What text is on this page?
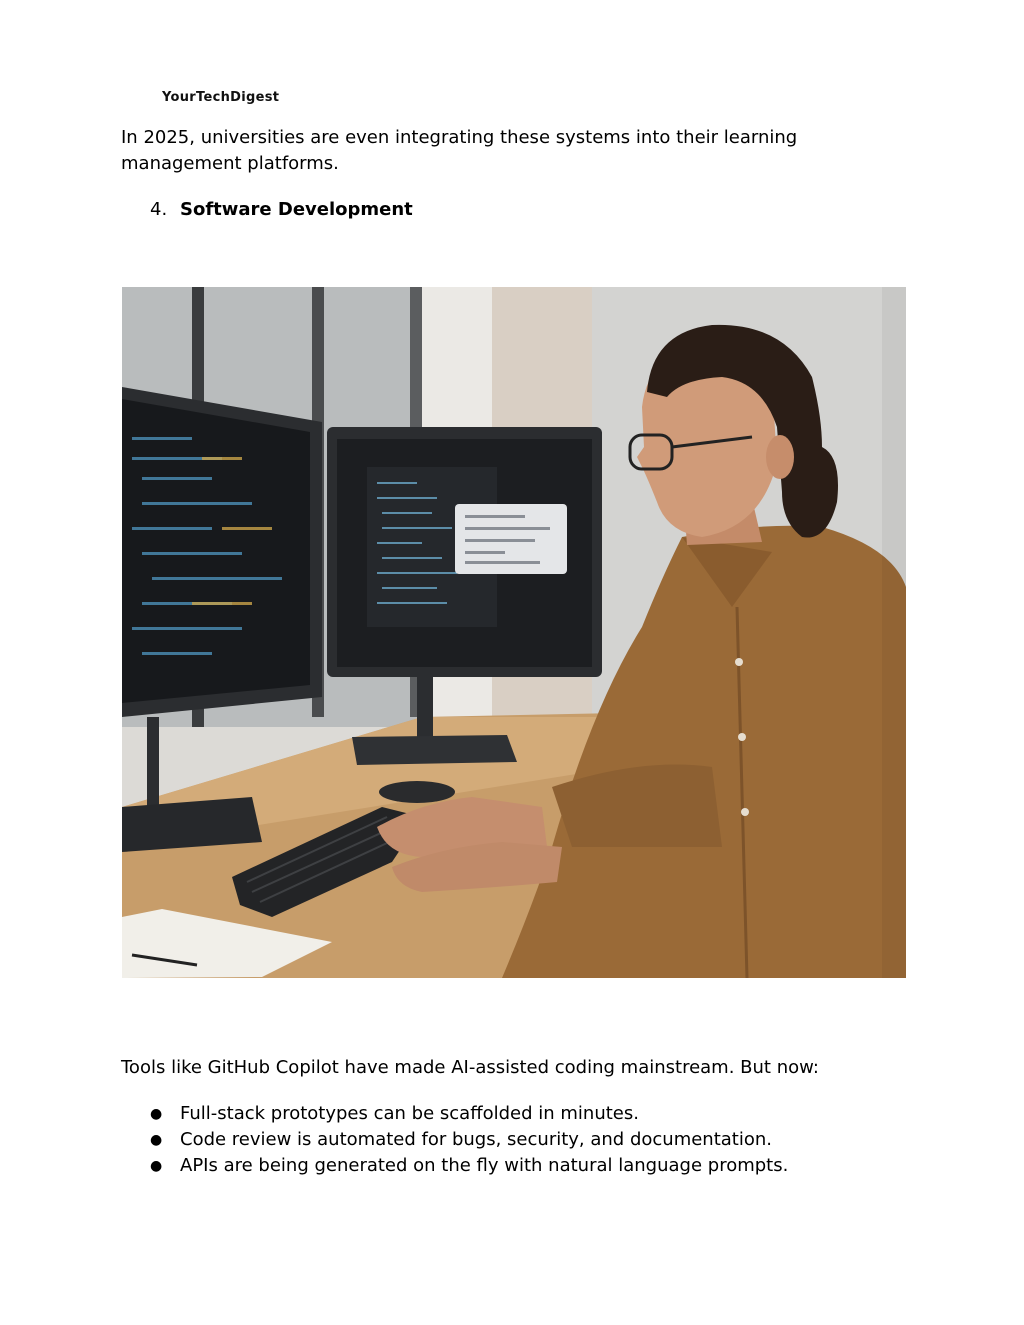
YourTechDigest

In 2025, universities are even integrating these systems into their learning management platforms.

4. Software Development

Tools like GitHub Copilot have made AI-assisted coding mainstream. But now:

● Full-stack prototypes can be scaffolded in minutes.
● Code review is automated for bugs, security, and documentation.
● APIs are being generated on the fly with natural language prompts.
